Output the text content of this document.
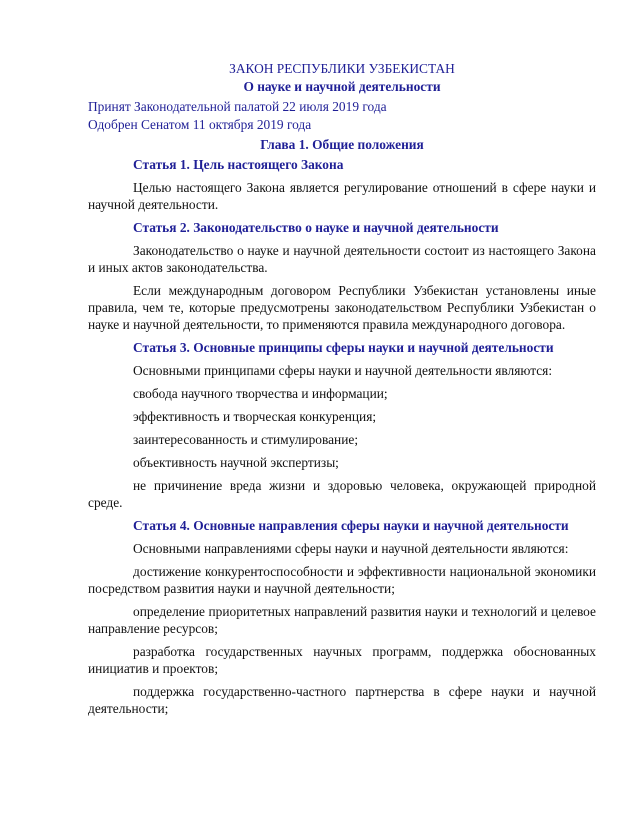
ЗАКОН РЕСПУБЛИКИ УЗБЕКИСТАН
О науке и научной деятельности
Принят Законодательной палатой 22 июля 2019 года
Одобрен Сенатом 11 октября 2019 года
Глава 1. Общие положения
Статья 1. Цель настоящего Закона
Целью настоящего Закона является регулирование отношений в сфере науки и научной деятельности.
Статья 2. Законодательство о науке и научной деятельности
Законодательство о науке и научной деятельности состоит из настоящего Закона и иных актов законодательства.
Если международным договором Республики Узбекистан установлены иные правила, чем те, которые предусмотрены законодательством Республики Узбекистан о науке и научной деятельности, то применяются правила международного договора.
Статья 3. Основные принципы сферы науки и научной деятельности
Основными принципами сферы науки и научной деятельности являются:
свобода научного творчества и информации;
эффективность и творческая конкуренция;
заинтересованность и стимулирование;
объективность научной экспертизы;
не причинение вреда жизни и здоровью человека, окружающей природной среде.
Статья 4. Основные направления сферы науки и научной деятельности
Основными направлениями сферы науки и научной деятельности являются:
достижение конкурентоспособности и эффективности национальной экономики посредством развития науки и научной деятельности;
определение приоритетных направлений развития науки и технологий и целевое направление ресурсов;
разработка государственных научных программ, поддержка обоснованных инициатив и проектов;
поддержка государственно-частного партнерства в сфере науки и научной деятельности;
